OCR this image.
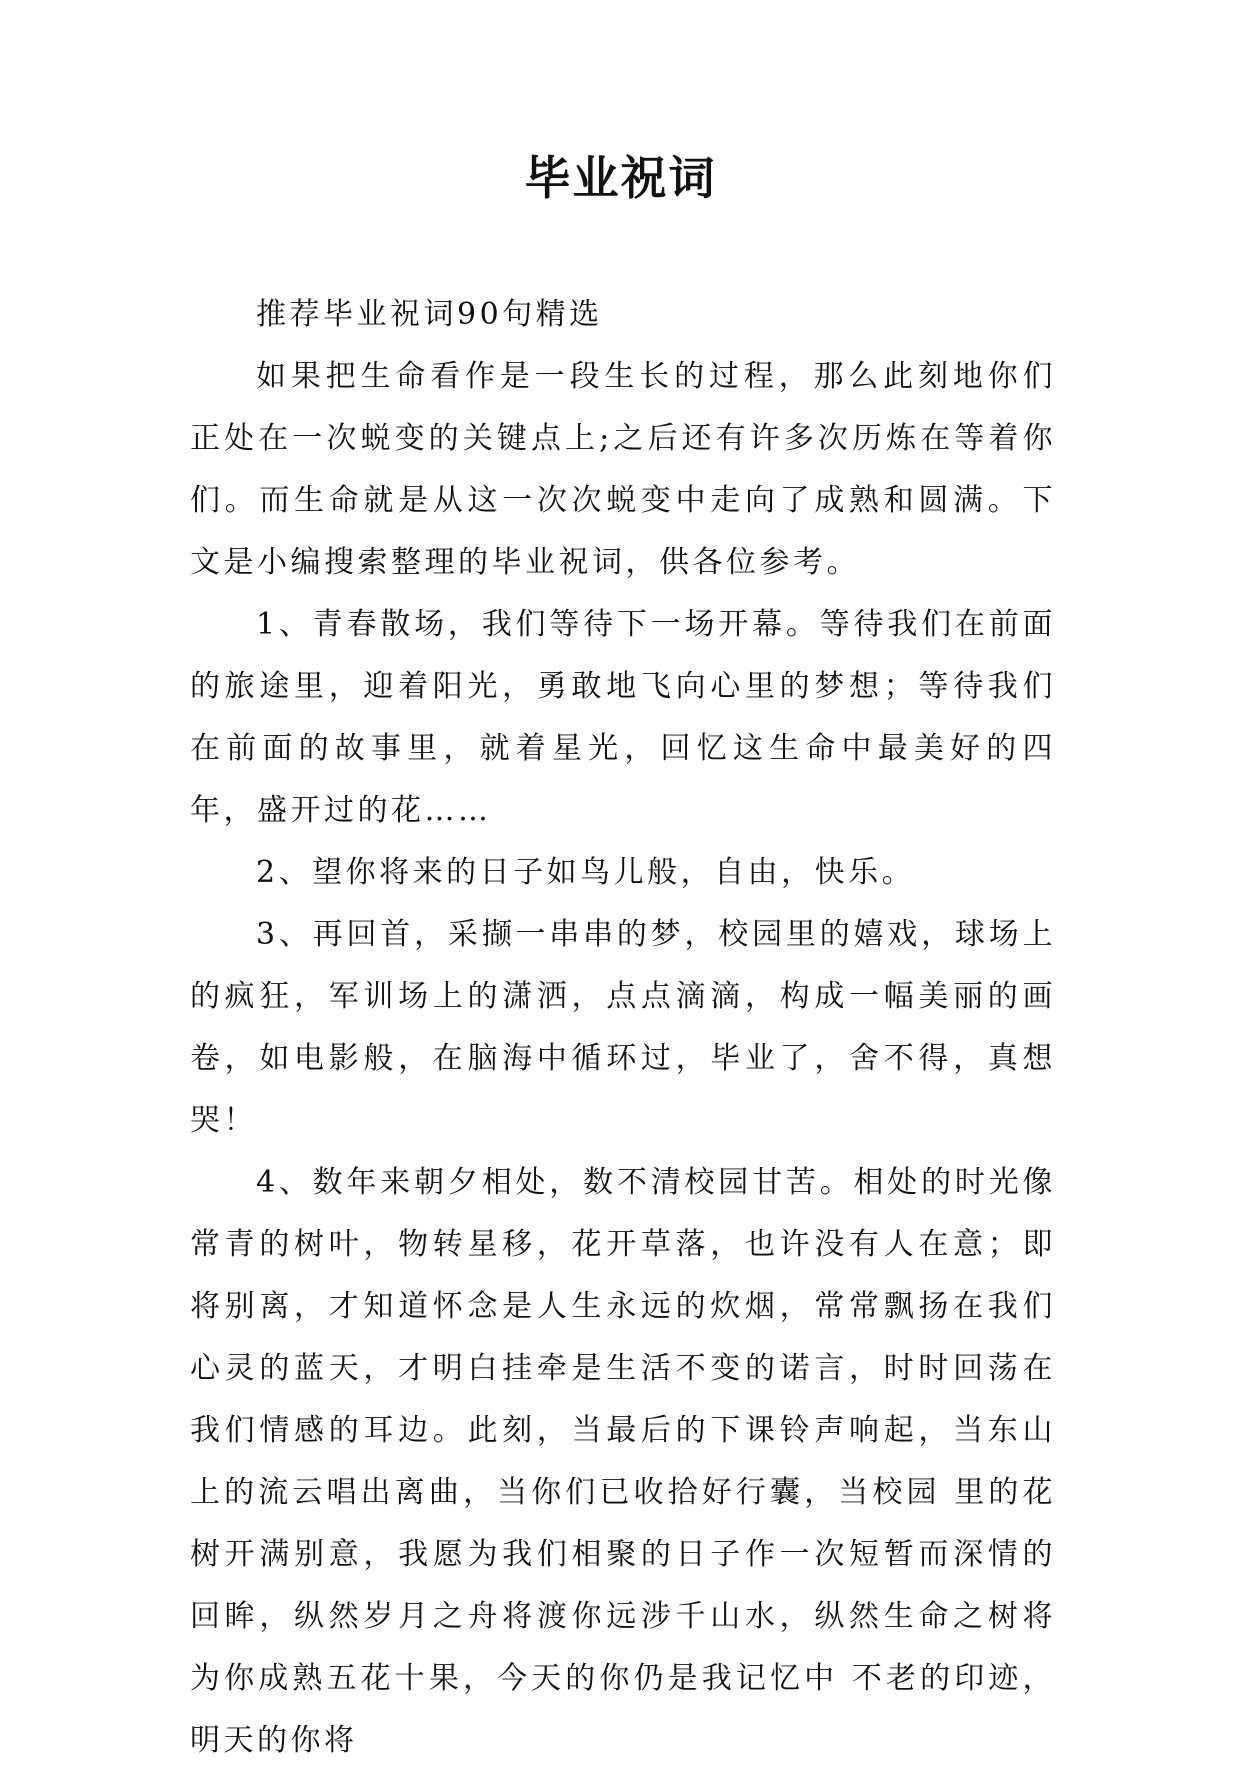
毕业祝词

推荐毕业祝词90句精选

如果把生命看作是一段生长的过程，那么此刻地你们正处在一次蜕变的关键点上;之后还有许多次历炼在等着你们。而生命就是从这一次次蜕变中走向了成熟和圆满。下文是小编搜索整理的毕业祝词，供各位参考。

1、青春散场，我们等待下一场开幕。等待我们在前面的旅途里，迎着阳光，勇敢地飞向心里的梦想；等待我们在前面的故事里，就着星光，回忆这生命中最美好的四年，盛开过的花……

2、望你将来的日子如鸟儿般，自由，快乐。

3、再回首，采撷一串串的梦，校园里的嬉戏，球场上的疯狂，军训场上的潇洒，点点滴滴，构成一幅美丽的画卷，如电影般，在脑海中循环过，毕业了，舍不得，真想哭！

4、数年来朝夕相处，数不清校园甘苦。相处的时光像常青的树叶，物转星移，花开草落，也许没有人在意；即将别离，才知道怀念是人生永远的炊烟，常常飘扬在我们 心灵的蓝天，才明白挂牵是生活不变的诺言，时时回荡在我们情感的耳边。此刻，当最后的下课铃声响起，当东山上的流云唱出离曲，当你们已收拾好行囊，当校园 里的花树开满别意，我愿为我们相聚的日子作一次短暂而深情的回眸，纵然岁月之舟将渡你远涉千山水，纵然生命之树将为你成熟五花十果，今天的你仍是我记忆中 不老的印迹，明天的你将
